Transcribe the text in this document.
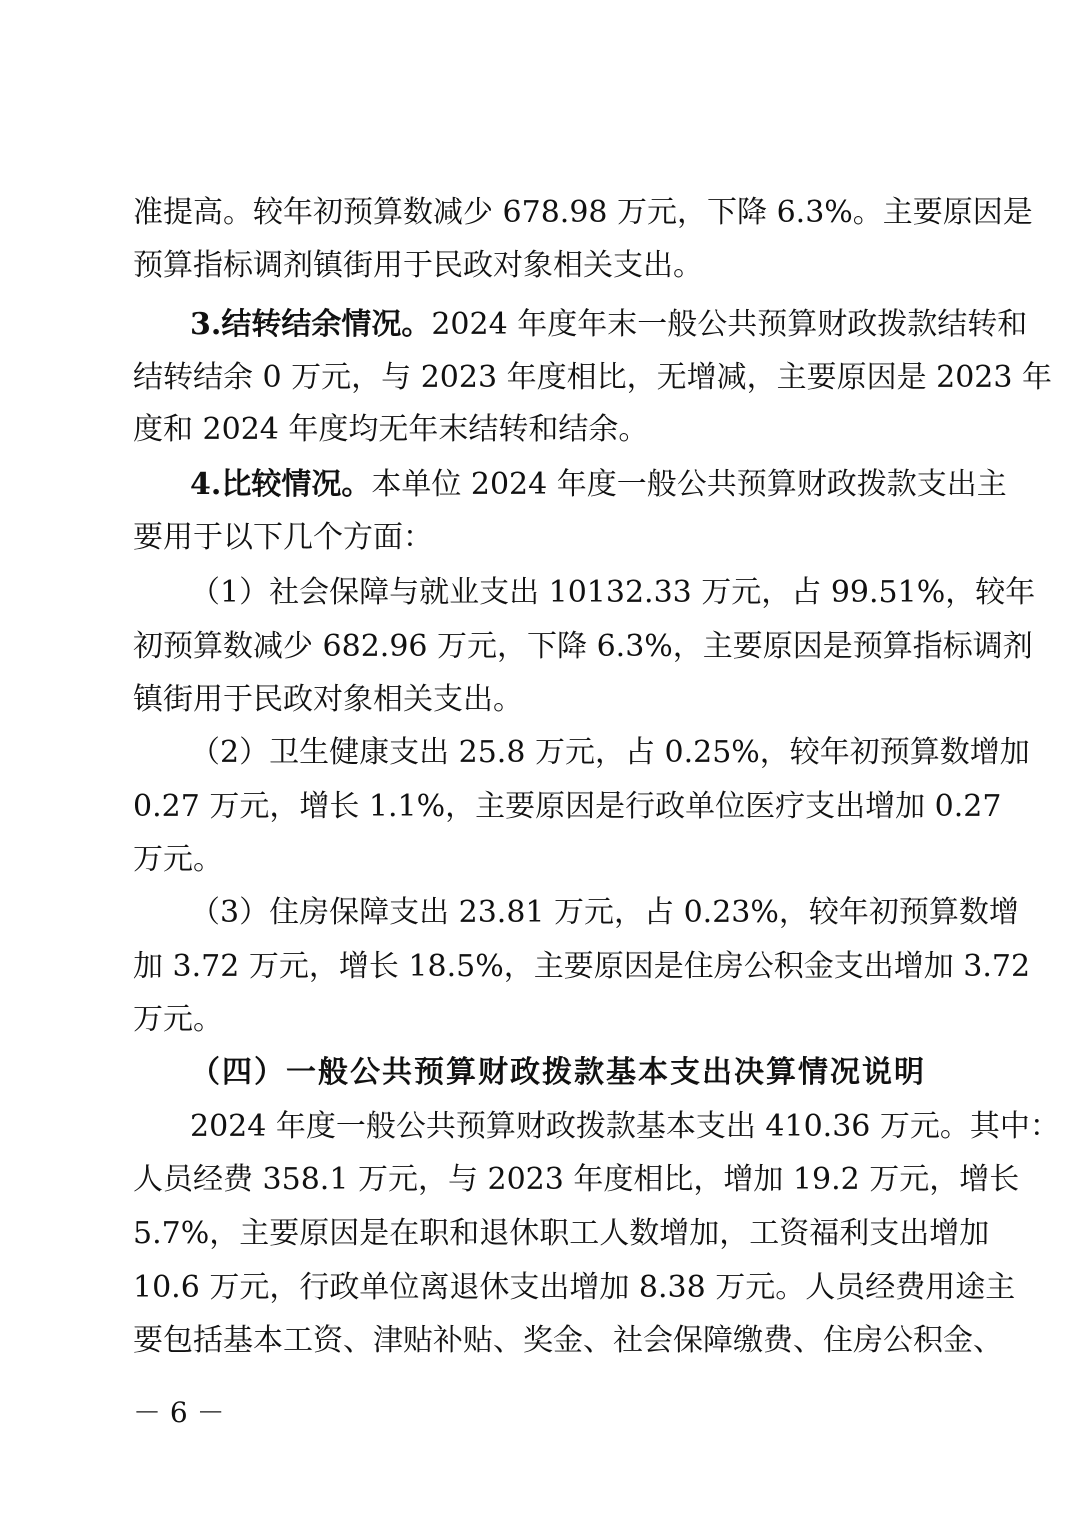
准提高。较年初预算数减少 678.98 万元，下降 6.3%。主要原因是
预算指标调剂镇街用于民政对象相关支出。
3.结转结余情况。2024 年度年末一般公共预算财政拨款结转和
结转结余 0 万元，与 2023 年度相比，无增减，主要原因是 2023 年
度和 2024 年度均无年末结转和结余。
4.比较情况。本单位 2024 年度一般公共预算财政拨款支出主
要用于以下几个方面：
（1）社会保障与就业支出 10132.33 万元，占 99.51%，较年
初预算数减少 682.96 万元，下降 6.3%，主要原因是预算指标调剂
镇街用于民政对象相关支出。
（2）卫生健康支出 25.8 万元，占 0.25%，较年初预算数增加
0.27 万元，增长 1.1%，主要原因是行政单位医疗支出增加 0.27
万元。
（3）住房保障支出 23.81 万元，占 0.23%，较年初预算数增
加 3.72 万元，增长 18.5%，主要原因是住房公积金支出增加 3.72
万元。
（四）一般公共预算财政拨款基本支出决算情况说明
2024 年度一般公共预算财政拨款基本支出 410.36 万元。其中：
人员经费 358.1 万元，与 2023 年度相比，增加 19.2 万元，增长
5.7%，主要原因是在职和退休职工人数增加，工资福利支出增加
10.6 万元，行政单位离退休支出增加 8.38 万元。人员经费用途主
要包括基本工资、津贴补贴、奖金、社会保障缴费、住房公积金、
－ 6 －
